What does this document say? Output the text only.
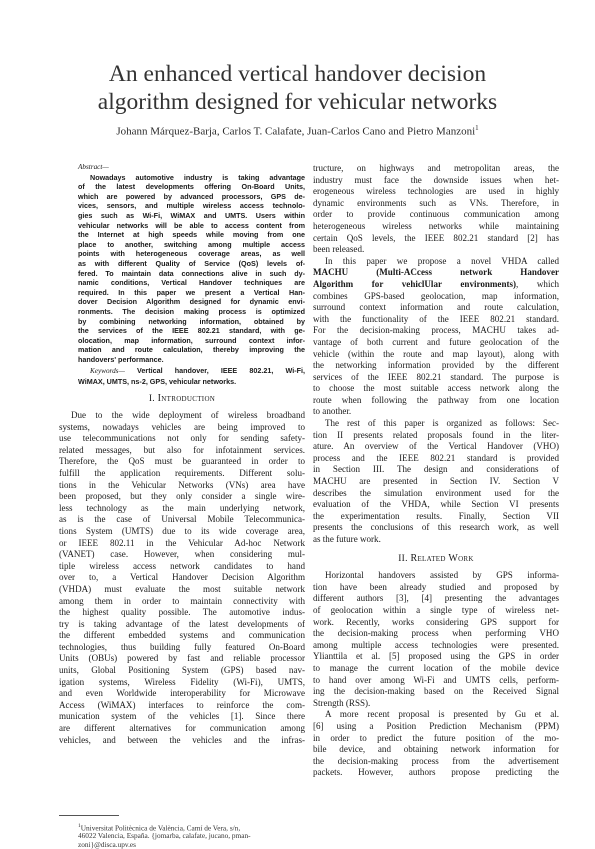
An enhanced vertical handover decision
algorithm designed for vehicular networks
Johann Márquez-Barja, Carlos T. Calafate, Juan-Carlos Cano and Pietro Manzoni$^1$
Abstract—
Nowadays automotive industry is taking advantage
of the latest developments offering On-Board Units,
which are powered by advanced processors, GPS de-
vices, sensors, and multiple wireless access technolo-
gies such as Wi-Fi, WiMAX and UMTS. Users within
vehicular networks will be able to access content from
the Internet at high speeds while moving from one
place to another, switching among multiple access
points with heterogeneous coverage areas, as well
as with different Quality of Service (QoS) levels of-
fered. To maintain data connections alive in such dy-
namic conditions, Vertical Handover techniques are
required. In this paper we present a Vertical Han-
dover Decision Algorithm designed for dynamic envi-
ronments. The decision making process is optimized
by combining networking information, obtained by
the services of the IEEE 802.21 standard, with ge-
olocation, map information, surround context infor-
mation and route calculation, thereby improving the
handovers' performance.
Keywords— Vertical handover, IEEE 802.21, Wi-Fi,
WiMAX, UMTS, ns-2, GPS, vehicular networks.
I. Introduction
Due to the wide deployment of wireless broadband
systems, nowadays vehicles are being improved to
use telecommunications not only for sending safety-
related messages, but also for infotainment services.
Therefore, the QoS must be guaranteed in order to
fulfill the application requirements. Different solu-
tions in the Vehicular Networks (VNs) area have
been proposed, but they only consider a single wire-
less technology as the main underlying network,
as is the case of Universal Mobile Telecommunica-
tions System (UMTS) due to its wide coverage area,
or IEEE 802.11 in the Vehicular Ad-hoc Network
(VANET) case. However, when considering mul-
tiple wireless access network candidates to hand
over to, a Vertical Handover Decision Algorithm
(VHDA) must evaluate the most suitable network
among them in order to maintain connectivity with
the highest quality possible. The automotive indus-
try is taking advantage of the latest developments of
the different embedded systems and communication
technologies, thus building fully featured On-Board
Units (OBUs) powered by fast and reliable processor
units, Global Positioning System (GPS) based nav-
igation systems, Wireless Fidelity (Wi-Fi), UMTS,
and even Worldwide interoperability for Microwave
Access (WiMAX) interfaces to reinforce the com-
munication system of the vehicles [1]. Since there
are different alternatives for communication among
vehicles, and between the vehicles and the infras-
$^1$Universitat Politècnica de València, Camí de Vera, s/n,
46022 Valencia, España. {jomarba, calafate, jucano, pman-
zoni}@disca.upv.es
tructure, on highways and metropolitan areas, the
industry must face the downside issues when het-
erogeneous wireless technologies are used in highly
dynamic environments such as VNs. Therefore, in
order to provide continuous communication among
heterogeneous wireless networks while maintaining
certain QoS levels, the IEEE 802.21 standard [2] has
been released.
In this paper we propose a novel VHDA called
MACHU (Multi-ACcess network Handover
Algorithm for vehiclUlar environments), which
combines GPS-based geolocation, map information,
surround context information and route calculation,
with the functionality of the IEEE 802.21 standard.
For the decision-making process, MACHU takes ad-
vantage of both current and future geolocation of the
vehicle (within the route and map layout), along with
the networking information provided by the different
services of the IEEE 802.21 standard. The purpose is
to choose the most suitable access network along the
route when following the pathway from one location
to another.
The rest of this paper is organized as follows: Sec-
tion II presents related proposals found in the liter-
ature. An overview of the Vertical Handover (VHO)
process and the IEEE 802.21 standard is provided
in Section III. The design and considerations of
MACHU are presented in Section IV. Section V
describes the simulation environment used for the
evaluation of the VHDA, while Section VI presents
the experimentation results. Finally, Section VII
presents the conclusions of this research work, as well
as the future work.
II. Related Work
Horizontal handovers assisted by GPS informa-
tion have been already studied and proposed by
different authors [3], [4] presenting the advantages
of geolocation within a single type of wireless net-
work. Recently, works considering GPS support for
the decision-making process when performing VHO
among multiple access technologies were presented.
Ylianttila et al. [5] proposed using the GPS in order
to manage the current location of the mobile device
to hand over among Wi-Fi and UMTS cells, perform-
ing the decision-making based on the Received Signal
Strength (RSS).
A more recent proposal is presented by Gu et al.
[6] using a Position Prediction Mechanism (PPM)
in order to predict the future position of the mo-
bile device, and obtaining network information for
the decision-making process from the advertisement
packets. However, authors propose predicting the
